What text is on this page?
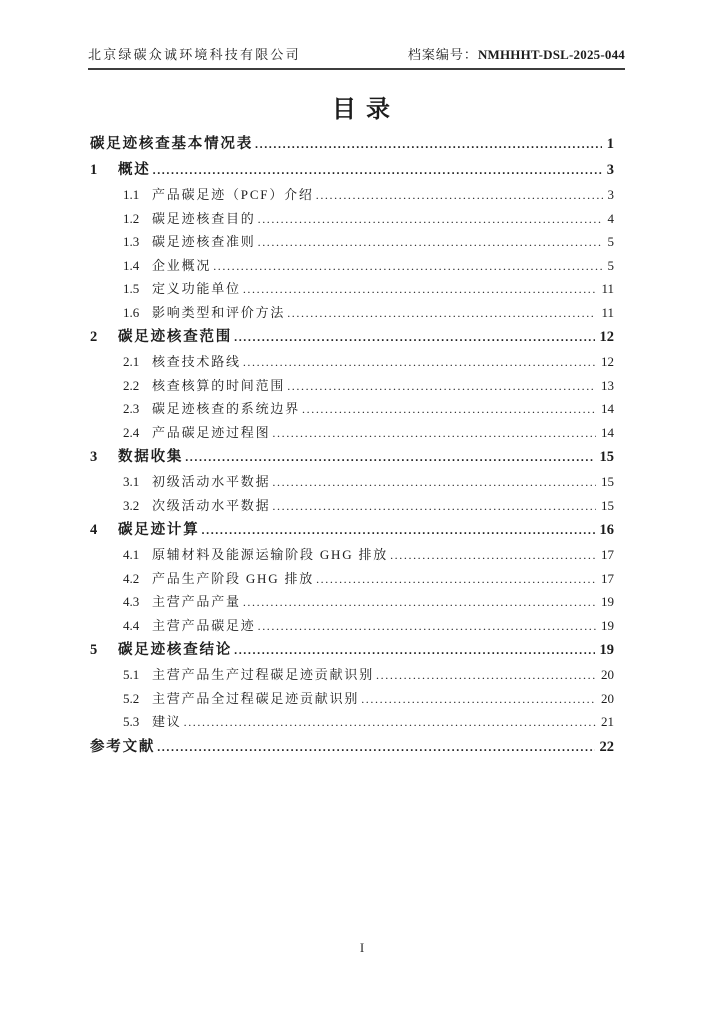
北京绿碳众诚环境科技有限公司	档案编号：NMHHHT-DSL-2025-044
目 录
碳足迹核查基本情况表 .....	1
1	概述 .....	3
1.1 产品碳足迹（PCF）介绍 .....	3
1.2 碳足迹核查目的 .....	4
1.3 碳足迹核查准则 .....	5
1.4 企业概况 .....	5
1.5 定义功能单位 .....	11
1.6 影响类型和评价方法 .....	11
2	碳足迹核查范围 .....	12
2.1 核查技术路线 .....	12
2.2 核查核算的时间范围 .....	13
2.3 碳足迹核查的系统边界 .....	14
2.4 产品碳足迹过程图 .....	14
3	数据收集 .....	15
3.1 初级活动水平数据 .....	15
3.2 次级活动水平数据 .....	15
4	碳足迹计算 .....	16
4.1 原辅材料及能源运输阶段 GHG 排放 .....	17
4.2 产品生产阶段 GHG 排放 .....	17
4.3 主营产品产量 .....	19
4.4 主营产品碳足迹 .....	19
5	碳足迹核查结论 .....	19
5.1 主营产品生产过程碳足迹贡献识别 .....	20
5.2 主营产品全过程碳足迹贡献识别 .....	20
5.3 建议 .....	21
参考文献 .....	22
I
